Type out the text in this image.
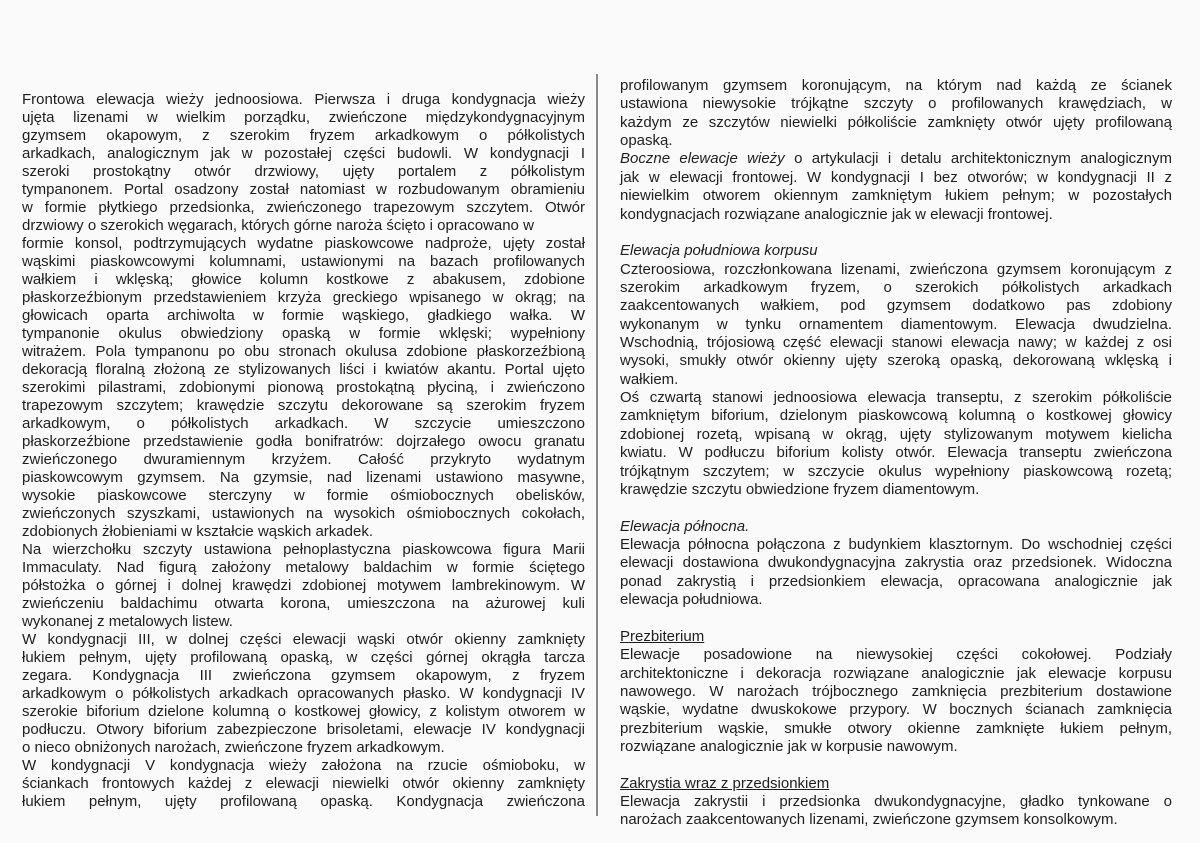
Frontowa elewacja wieży jednoosiowa. Pierwsza i druga kondygnacja wieży
ujęta lizenami w wielkim porządku, zwieńczone międzykondygnacyjnym
gzymsem okapowym, z szerokim fryzem arkadkowym o półkolistych
arkadkach, analogicznym jak w pozostałej części budowli. W kondygnacji I
szeroki prostokątny otwór drzwiowy, ujęty portalem z półkolistym
tympanonem. Portal osadzony został natomiast w rozbudowanym obramieniu
w formie płytkiego przedsionka, zwieńczonego trapezowym szczytem. Otwór
drzwiowy o szerokich węgarach, których górne naroża ścięto i opracowano w
formie konsol, podtrzymujących wydatne piaskowcowe nadproże, ujęty został
wąskimi piaskowcowymi kolumnami, ustawionymi na bazach profilowanych
wałkiem i wklęską; głowice kolumn kostkowe z abakusem, zdobione
płaskorzeźbionym przedstawieniem krzyża greckiego wpisanego w okrąg; na
głowicach oparta archiwolta w formie wąskiego, gładkiego wałka. W
tympanonie okulus obwiedziony opaską w formie wklęski; wypełniony
witrażem. Pola tympanonu po obu stronach okulusa zdobione płaskorzeźbioną
dekoracją floralną złożoną ze stylizowanych liści i kwiatów akantu. Portal ujęto
szerokimi pilastrami, zdobionymi pionową prostokątną płyciną, i zwieńczono
trapezowym szczytem; krawędzie szczytu dekorowane są szerokim fryzem
arkadkowym, o półkolistych arkadkach. W szczycie umieszczono
płaskorzeźbione przedstawienie godła bonifratrów: dojrzałego owocu granatu
zwieńczonego dwuramiennym krzyżem. Całość przykryto wydatnym
piaskowcowym gzymsem. Na gzymsie, nad lizenami ustawiono masywne,
wysokie piaskowcowe sterczyny w formie ośmiobocznych obelisków,
zwieńczonych szyszkami, ustawionych na wysokich ośmiobocznych cokołach,
zdobionych żłobieniami w kształcie wąskich arkadek.
Na wierzchołku szczyty ustawiona pełnoplastyczna piaskowcowa figura Marii
Immaculaty. Nad figurą założony metalowy baldachim w formie ściętego
półstożka o górnej i dolnej krawędzi zdobionej motywem lambrekinowym. W
zwieńczeniu baldachimu otwarta korona, umieszczona na ażurowej kuli
wykonanej z metalowych listew.
W kondygnacji III, w dolnej części elewacji wąski otwór okienny zamknięty
łukiem pełnym, ujęty profilowaną opaską, w części górnej okrągła tarcza
zegara. Kondygnacja III zwieńczona gzymsem okapowym, z fryzem
arkadkowym o półkolistych arkadkach opracowanych płasko. W kondygnacji IV
szerokie biforium dzielone kolumną o kostkowej głowicy, z kolistym otworem w
podłuczu. Otwory biforium zabezpieczone brisoletami, elewacje IV kondygnacji
o nieco obniżonych narożach, zwieńczone fryzem arkadkowym.
W kondygnacji V kondygnacja wieży założona na rzucie ośmioboku, w
ściankach frontowych każdej z elewacji niewielki otwór okienny zamknięty
łukiem pełnym, ujęty profilowaną opaską. Kondygnacja zwieńczona
profilowanym gzymsem koronującym, na którym nad każdą ze ścianek
ustawiona niewysokie trójkątne szczyty o profilowanych krawędziach, w
każdym ze szczytów niewielki półkoliście zamknięty otwór ujęty profilowaną
opaską.
Boczne elewacje wieży o artykulacji i detalu architektonicznym analogicznym
jak w elewacji frontowej. W kondygnacji I bez otworów; w kondygnacji II z
niewielkim otworem okiennym zamkniętym łukiem pełnym; w pozostałych
kondygnacjach rozwiązane analogicznie jak w elewacji frontowej.
Elewacja południowa korpusu
Czteroosiowa, rozczłonkowana lizenami, zwieńczona gzymsem koronującym z
szerokim arkadkowym fryzem, o szerokich półkolistych arkadkach
zaakcentowanych wałkiem, pod gzymsem dodatkowo pas zdobiony
wykonanym w tynku ornamentem diamentowym. Elewacja dwudzielna.
Wschodnią, trójosiową część elewacji stanowi elewacja nawy; w każdej z osi
wysoki, smukły otwór okienny ujęty szeroką opaską, dekorowaną wklęską i
wałkiem.
Oś czwartą stanowi jednoosiowa elewacja transeptu, z szerokim półkoliście
zamkniętym biforium, dzielonym piaskowcową kolumną o kostkowej głowicy
zdobionej rozetą, wpisaną w okrąg, ujęty stylizowanym motywem kielicha
kwiatu. W podłuczu biforium kolisty otwór. Elewacja transeptu zwieńczona
trójkątnym szczytem; w szczycie okulus wypełniony piaskowcową rozetą;
krawędzie szczytu obwiedzione fryzem diamentowym.
Elewacja północna.
Elewacja północna połączona z budynkiem klasztornym. Do wschodniej części
elewacji dostawiona dwukondygnacyjna zakrystia oraz przedsionek. Widoczna
ponad zakrystią i przedsionkiem elewacja, opracowana analogicznie jak
elewacja południowa.
Prezbiterium
Elewacje posadowione na niewysokiej części cokołowej. Podziały
architektoniczne i dekoracja rozwiązane analogicznie jak elewacje korpusu
nawowego. W narożach trójbocznego zamknięcia prezbiterium dostawione
wąskie, wydatne dwuskokowe przypory. W bocznych ścianach zamknięcia
prezbiterium wąskie, smukłe otwory okienne zamknięte łukiem pełnym,
rozwiązane analogicznie jak w korpusie nawowym.
Zakrystia wraz z przedsionkiem
Elewacja zakrystii i przedsionka dwukondygnacyjne, gładko tynkowane o
narożach zaakcentowanych lizenami, zwieńczone gzymsem konsolkowym.
